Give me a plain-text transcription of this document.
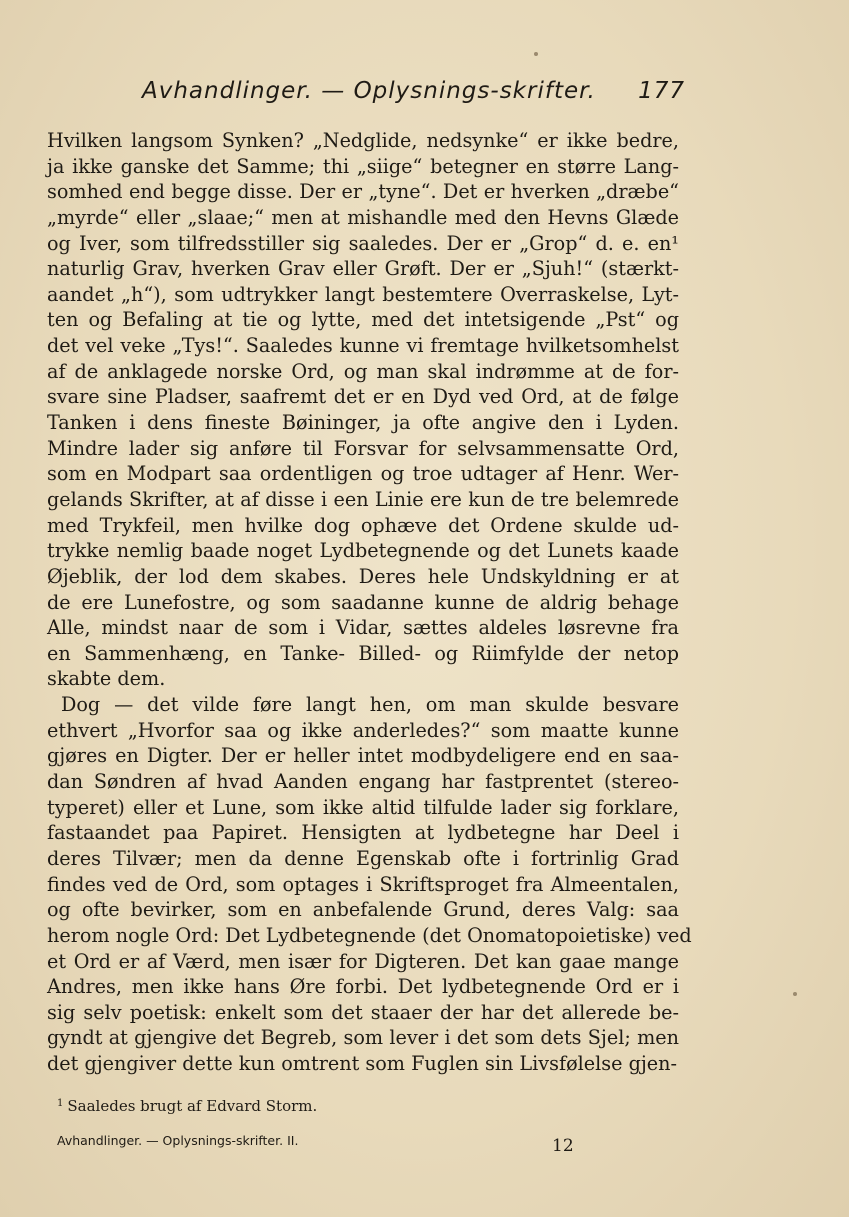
Avhandlinger. — Oplysnings-skrifter. 177
Hvilken langsom Synken? „Nedglide, nedsynke“ er ikke bedre,
ja ikke ganske det Samme; thi „siige“ betegner en større Lang-
somhed end begge disse. Der er „tyne“. Det er hverken „dræbe“
„myrde“ eller „slaae;“ men at mishandle med den Hevns Glæde
og Iver, som tilfredsstiller sig saaledes. Der er „Grop“ d. e. en¹
naturlig Grav, hverken Grav eller Grøft. Der er „Sjuh!“ (stærkt-
aandet „h“), som udtrykker langt bestemtere Overraskelse, Lyt-
ten og Befaling at tie og lytte, med det intetsigende „Pst“ og
det vel veke „Tys!“. Saaledes kunne vi fremtage hvilketsomhelst
af de anklagede norske Ord, og man skal indrømme at de for-
svare sine Pladser, saafremt det er en Dyd ved Ord, at de følge
Tanken i dens fineste Bøininger, ja ofte angive den i Lyden.
Mindre lader sig anføre til Forsvar for selvsammensatte Ord,
som en Modpart saa ordentligen og troe udtager af Henr. Wer-
gelands Skrifter, at af disse i een Linie ere kun de tre belemrede
med Trykfeil, men hvilke dog ophæve det Ordene skulde ud-
trykke nemlig baade noget Lydbetegnende og det Lunets kaade
Øjeblik, der lod dem skabes. Deres hele Undskyldning er at
de ere Lunefostre, og som saadanne kunne de aldrig behage
Alle, mindst naar de som i Vidar, sættes aldeles løsrevne fra
en Sammenhæng, en Tanke- Billed- og Riimfylde der netop
skabte dem.
Dog — det vilde føre langt hen, om man skulde besvare
ethvert „Hvorfor saa og ikke anderledes?“ som maatte kunne
gjøres en Digter. Der er heller intet modbydeligere end en saa-
dan Søndren af hvad Aanden engang har fastprentet (stereo-
typeret) eller et Lune, som ikke altid tilfulde lader sig forklare,
fastaandet paa Papiret. Hensigten at lydbetegne har Deel i
deres Tilvær; men da denne Egenskab ofte i fortrinlig Grad
findes ved de Ord, som optages i Skriftsproget fra Almeentalen,
og ofte bevirker, som en anbefalende Grund, deres Valg: saa
herom nogle Ord: Det Lydbetegnende (det Onomatopoietiske) ved
et Ord er af Værd, men især for Digteren. Det kan gaae mange
Andres, men ikke hans Øre forbi. Det lydbetegnende Ord er i
sig selv poetisk: enkelt som det staaer der har det allerede be-
gyndt at gjengive det Begreb, som lever i det som dets Sjel; men
det gjengiver dette kun omtrent som Fuglen sin Livsfølelse gjen-
$^1$ Saaledes brugt af Edvard Storm.
Avhandlinger. — Oplysnings-skrifter. II.	12
